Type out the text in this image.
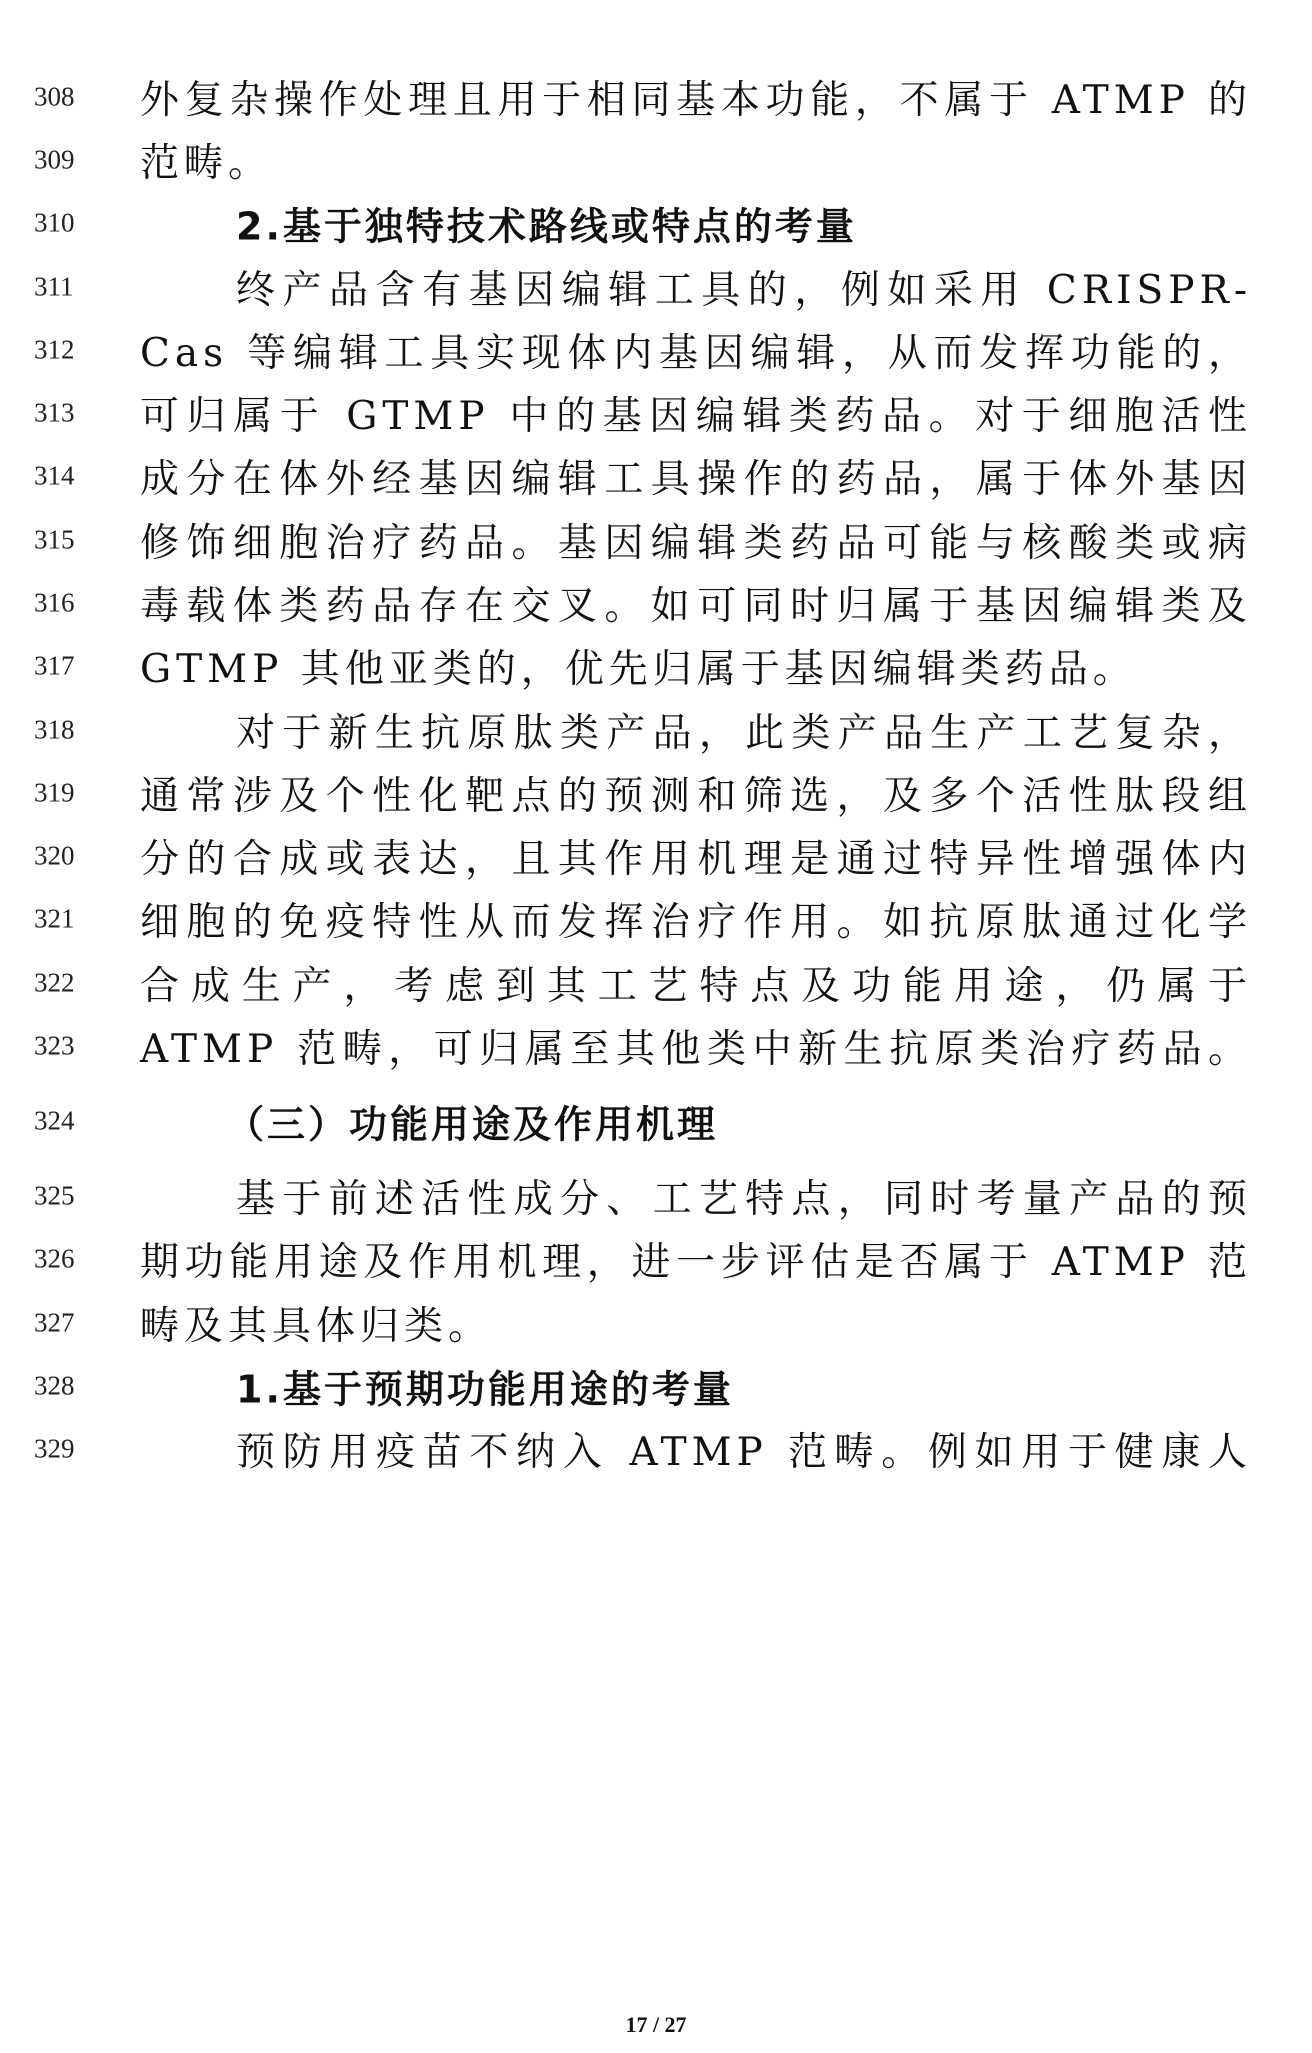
308	外复杂操作处理且用于相同基本功能，不属于 ATMP 的
309	范畴。
310	2.基于独特技术路线或特点的考量
311	终产品含有基因编辑工具的，例如采用 CRISPR-
312	Cas 等编辑工具实现体内基因编辑，从而发挥功能的，
313	可归属于 GTMP 中的基因编辑类药品。对于细胞活性
314	成分在体外经基因编辑工具操作的药品，属于体外基因
315	修饰细胞治疗药品。基因编辑类药品可能与核酸类或病
316	毒载体类药品存在交叉。如可同时归属于基因编辑类及
317	GTMP 其他亚类的，优先归属于基因编辑类药品。
318	对于新生抗原肽类产品，此类产品生产工艺复杂，
319	通常涉及个性化靶点的预测和筛选，及多个活性肽段组
320	分的合成或表达，且其作用机理是通过特异性增强体内
321	细胞的免疫特性从而发挥治疗作用。如抗原肽通过化学
322	合成生产，考虑到其工艺特点及功能用途，仍属于
323	ATMP 范畴，可归属至其他类中新生抗原类治疗药品。
324	（三）功能用途及作用机理
325	基于前述活性成分、工艺特点，同时考量产品的预
326	期功能用途及作用机理，进一步评估是否属于 ATMP 范
327	畴及其具体归类。
328	1.基于预期功能用途的考量
329	预防用疫苗不纳入 ATMP 范畴。例如用于健康人
17 / 27
